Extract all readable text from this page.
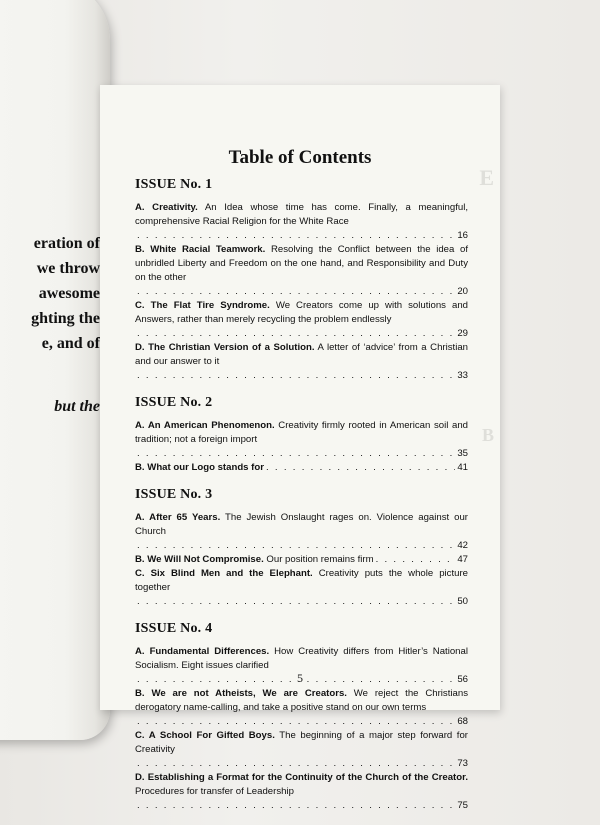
eration of
we throw
awesome
ghting the
e, and of
but the
E
B
Table of Contents
ISSUE No. 1
A. Creativity. An Idea whose time has come. Finally, a meaningful, comprehensive Racial Religion for the White Race
. . .
16
B. White Racial Teamwork. Resolving the Conflict between the idea of unbridled Liberty and Freedom on the one hand, and Responsibility and Duty on the other
. . .
20
C. The Flat Tire Syndrome. We Creators come up with solutions and Answers, rather than merely recycling the problem endlessly
. . .
29
D. The Christian Version of a Solution. A letter of ‘advice’ from a Christian and our answer to it
. . .
33
ISSUE No. 2
A. An American Phenomenon. Creativity firmly rooted in American soil and tradition; not a foreign import
. . .
35
B. What our Logo stands for . . .	41
ISSUE No. 3
A. After 65 Years. The Jewish Onslaught rages on. Violence against our Church
. . .
42
B. We Will Not Compromise. Our position remains firm . . .	47
C. Six Blind Men and the Elephant. Creativity puts the whole picture together
. . .
50
ISSUE No. 4
A. Fundamental Differences. How Creativity differs from Hitler’s National Socialism. Eight issues clarified
. . .
56
B. We are not Atheists, We are Creators. We reject the Christians derogatory name-calling, and take a positive stand on our own terms
. . .
68
C. A School For Gifted Boys. The beginning of a major step forward for Creativity
. . .
73
D. Establishing a Format for the Continuity of the Church of the Creator. Procedures for transfer of Leadership
. . .
75
5
